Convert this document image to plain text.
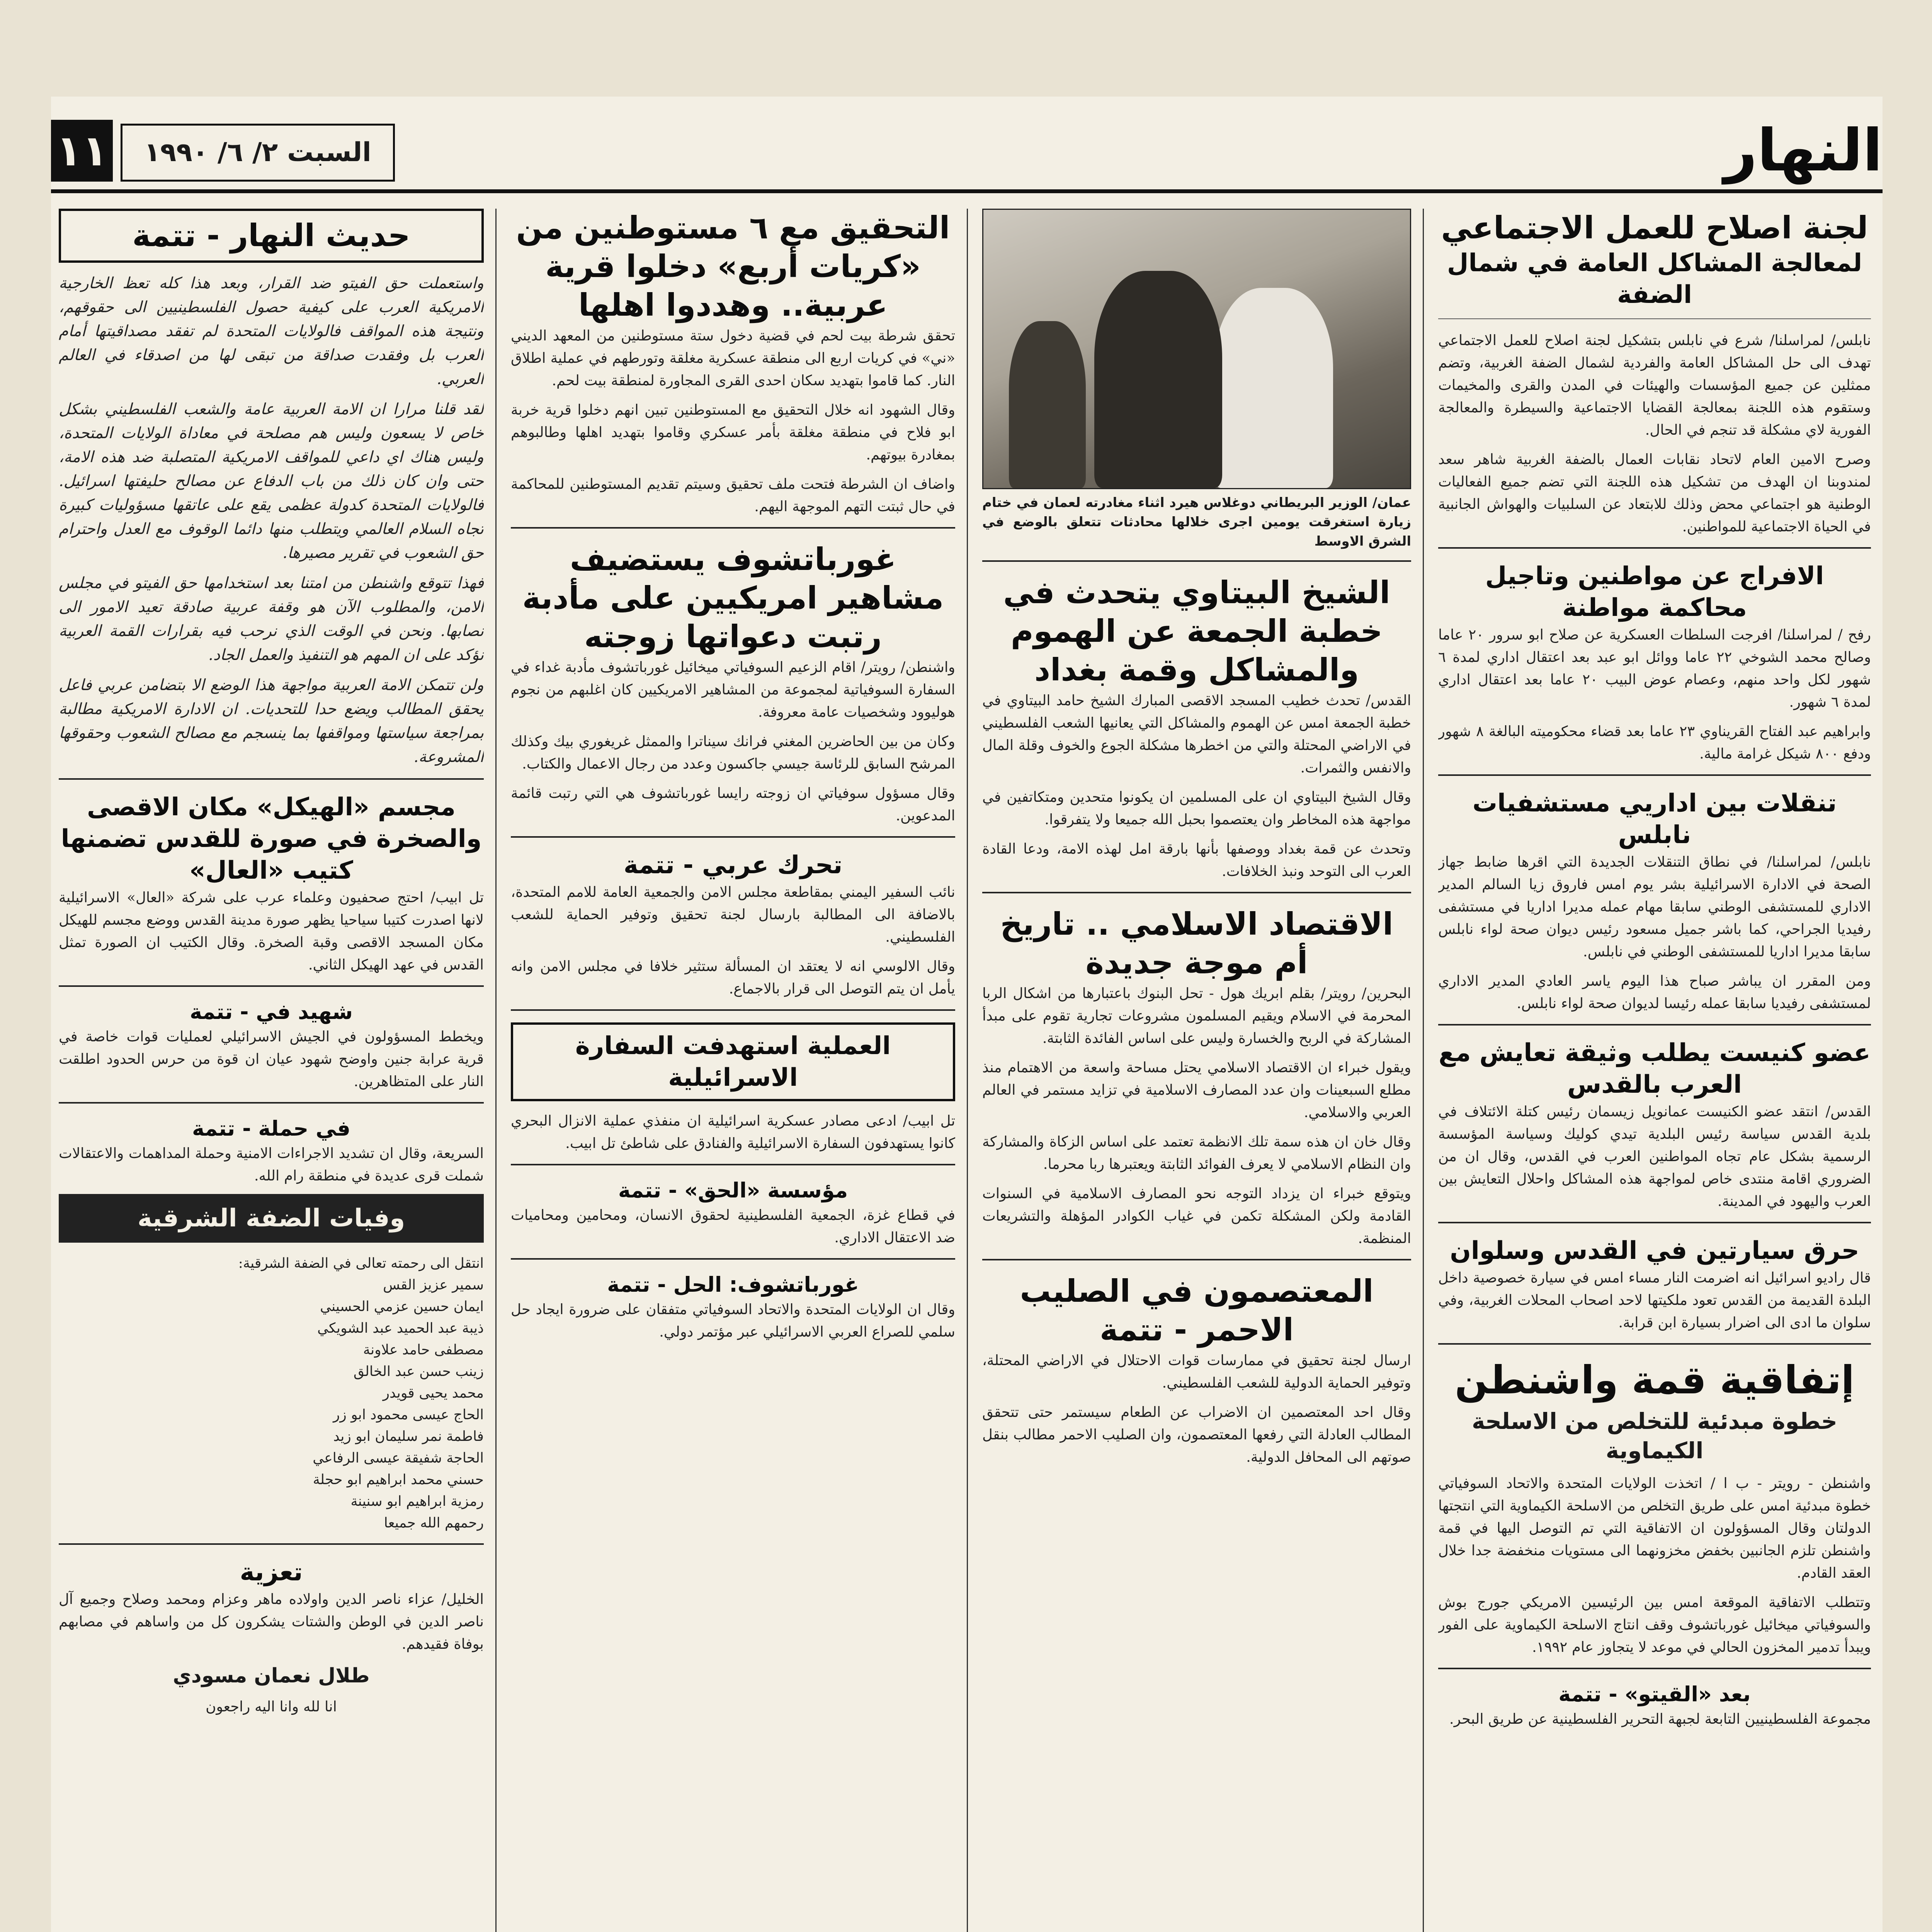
النهار
السبت ٢/ ٦/ ١٩٩٠
١١
لجنة اصلاح للعمل الاجتماعي
لمعالجة المشاكل العامة في شمال الضفة

نابلس/ لمراسلنا/ شرع في نابلس بتشكيل لجنة اصلاح للعمل الاجتماعي تهدف الى حل المشاكل العامة والفردية لشمال الضفة الغربية، وتضم ممثلين عن جميع المؤسسات والهيئات في المدن والقرى والمخيمات وستقوم هذه اللجنة بمعالجة القضايا الاجتماعية والسيطرة والمعالجة الفورية لاي مشكلة قد تنجم في الحال.

وصرح الامين العام لاتحاد نقابات العمال بالضفة الغربية شاهر سعد لمندوبنا ان الهدف من تشكيل هذه اللجنة التي تضم جميع الفعاليات الوطنية هو اجتماعي محض وذلك للابتعاد عن السلبيات والهواش الجانبية في الحياة الاجتماعية للمواطنين.

الافراج عن مواطنين وتاجيل محاكمة مواطنة

رفح / لمراسلنا/ افرجت السلطات العسكرية عن صلاح ابو سرور ٢٠ عاما وصالح محمد الشوخي ٢٢ عاما ووائل ابو عبد بعد اعتقال اداري لمدة ٦ شهور لكل واحد منهم، وعصام عوض البيب ٢٠ عاما بعد اعتقال اداري لمدة ٦ شهور.

وابراهيم عبد الفتاح القريناوي ٢٣ عاما بعد قضاء محكوميته البالغة ٨ شهور ودفع ٨٠٠ شيكل غرامة مالية.

تنقلات بين اداريي مستشفيات نابلس

نابلس/ لمراسلنا/ في نطاق التنقلات الجديدة التي اقرها ضابط جهاز الصحة في الادارة الاسرائيلية بشر يوم امس فاروق زيا السالم المدير الاداري للمستشفى الوطني سابقا مهام عمله مديرا اداريا في مستشفى رفيديا الجراحي، كما باشر جميل مسعود رئيس ديوان صحة لواء نابلس سابقا مديرا اداريا للمستشفى الوطني في نابلس.

ومن المقرر ان يباشر صباح هذا اليوم ياسر العادي المدير الاداري لمستشفى رفيديا سابقا عمله رئيسا لديوان صحة لواء نابلس.

عضو كنيست يطلب وثيقة تعايش مع العرب بالقدس

القدس/ انتقد عضو الكنيست عمانويل زيسمان رئيس كتلة الائتلاف في بلدية القدس سياسة رئيس البلدية تيدي كوليك وسياسة المؤسسة الرسمية بشكل عام تجاه المواطنين العرب في القدس، وقال ان من الضروري اقامة منتدى خاص لمواجهة هذه المشاكل واحلال التعايش بين العرب واليهود في المدينة.

حرق سيارتين في القدس وسلوان

قال راديو اسرائيل انه اضرمت النار مساء امس في سيارة خصوصية داخل البلدة القديمة من القدس تعود ملكيتها لاحد اصحاب المحلات الغربية، وفي سلوان ما ادى الى اضرار بسيارة ابن قرابة.

إتفاقية قمة واشنطن
خطوة مبدئية للتخلص من الاسلحة الكيماوية

واشنطن - رويتر - ب ا / اتخذت الولايات المتحدة والاتحاد السوفياتي خطوة مبدئية امس على طريق التخلص من الاسلحة الكيماوية التي انتجتها الدولتان وقال المسؤولون ان الاتفاقية التي تم التوصل اليها في قمة واشنطن تلزم الجانبين بخفض مخزونهما الى مستويات منخفضة جدا خلال العقد القادم.

وتتطلب الاتفاقية الموقعة امس بين الرئيسين الامريكي جورج بوش والسوفياتي ميخائيل غورباتشوف وقف انتاج الاسلحة الكيماوية على الفور ويبدأ تدمير المخزون الحالي في موعد لا يتجاوز عام ١٩٩٢.

بعد «القيتو» - تتمة

مجموعة الفلسطينيين التابعة لجبهة التحرير الفلسطينية عن طريق البحر.

عمان/ الوزير البريطاني دوغلاس هيرد اثناء مغادرته لعمان في ختام زيارة استغرقت يومين اجرى خلالها محادثات تتعلق بالوضع في الشرق الاوسط
الشيخ البيتاوي يتحدث في خطبة الجمعة عن الهموم والمشاكل وقمة بغداد

القدس/ تحدث خطيب المسجد الاقصى المبارك الشيخ حامد البيتاوي في خطبة الجمعة امس عن الهموم والمشاكل التي يعانيها الشعب الفلسطيني في الاراضي المحتلة والتي من اخطرها مشكلة الجوع والخوف وقلة المال والانفس والثمرات.

وقال الشيخ البيتاوي ان على المسلمين ان يكونوا متحدين ومتكاتفين في مواجهة هذه المخاطر وان يعتصموا بحبل الله جميعا ولا يتفرقوا.

وتحدث عن قمة بغداد ووصفها بأنها بارقة امل لهذه الامة، ودعا القادة العرب الى التوحد ونبذ الخلافات.

الاقتصاد الاسلامي .. تاريخ أم موجة جديدة

البحرين/ رويتر/ بقلم ابريك هول - تحل البنوك باعتبارها من اشكال الربا المحرمة في الاسلام ويقيم المسلمون مشروعات تجارية تقوم على مبدأ المشاركة في الربح والخسارة وليس على اساس الفائدة الثابتة.

ويقول خبراء ان الاقتصاد الاسلامي يحتل مساحة واسعة من الاهتمام منذ مطلع السبعينات وان عدد المصارف الاسلامية في تزايد مستمر في العالم العربي والاسلامي.

وقال خان ان هذه سمة تلك الانظمة تعتمد على اساس الزكاة والمشاركة وان النظام الاسلامي لا يعرف الفوائد الثابتة ويعتبرها ربا محرما.

ويتوقع خبراء ان يزداد التوجه نحو المصارف الاسلامية في السنوات القادمة ولكن المشكلة تكمن في غياب الكوادر المؤهلة والتشريعات المنظمة.

المعتصمون في الصليب الاحمر - تتمة

ارسال لجنة تحقيق في ممارسات قوات الاحتلال في الاراضي المحتلة، وتوفير الحماية الدولية للشعب الفلسطيني.

وقال احد المعتصمين ان الاضراب عن الطعام سيستمر حتى تتحقق المطالب العادلة التي رفعها المعتصمون، وان الصليب الاحمر مطالب بنقل صوتهم الى المحافل الدولية.

التحقيق مع ٦ مستوطنين من «كريات أربع» دخلوا قرية عربية.. وهددوا اهلها

تحقق شرطة بيت لحم في قضية دخول ستة مستوطنين من المعهد الديني «ني» في كريات اربع الى منطقة عسكرية مغلقة وتورطهم في عملية اطلاق النار. كما قاموا بتهديد سكان احدى القرى المجاورة لمنطقة بيت لحم.

وقال الشهود انه خلال التحقيق مع المستوطنين تبين انهم دخلوا قرية خربة ابو فلاح في منطقة مغلقة بأمر عسكري وقاموا بتهديد اهلها وطالبوهم بمغادرة بيوتهم.

واضاف ان الشرطة فتحت ملف تحقيق وسيتم تقديم المستوطنين للمحاكمة في حال ثبتت التهم الموجهة اليهم.

غورباتشوف يستضيف مشاهير امريكيين على مأدبة رتبت دعواتها زوجته

واشنطن/ رويتر/ اقام الزعيم السوفياتي ميخائيل غورباتشوف مأدبة غداء في السفارة السوفياتية لمجموعة من المشاهير الامريكيين كان اغلبهم من نجوم هوليوود وشخصيات عامة معروفة.

وكان من بين الحاضرين المغني فرانك سيناترا والممثل غريغوري بيك وكذلك المرشح السابق للرئاسة جيسي جاكسون وعدد من رجال الاعمال والكتاب.

وقال مسؤول سوفياتي ان زوجته رايسا غورباتشوف هي التي رتبت قائمة المدعوين.

تحرك عربي - تتمة

نائب السفير اليمني بمقاطعة مجلس الامن والجمعية العامة للامم المتحدة، بالاضافة الى المطالبة بارسال لجنة تحقيق وتوفير الحماية للشعب الفلسطيني.

وقال الالوسي انه لا يعتقد ان المسألة ستثير خلافا في مجلس الامن وانه يأمل ان يتم التوصل الى قرار بالاجماع.

العملية استهدفت السفارة الاسرائيلية

تل ابيب/ ادعى مصادر عسكرية اسرائيلية ان منفذي عملية الانزال البحري كانوا يستهدفون السفارة الاسرائيلية والفنادق على شاطئ تل ابيب.

مؤسسة «الحق» - تتمة

في قطاع غزة، الجمعية الفلسطينية لحقوق الانسان، ومحامين ومحاميات ضد الاعتقال الاداري.

غورباتشوف: الحل - تتمة

وقال ان الولايات المتحدة والاتحاد السوفياتي متفقان على ضرورة ايجاد حل سلمي للصراع العربي الاسرائيلي عبر مؤتمر دولي.

حديث النهار - تتمة

واستعملت حق الفيتو ضد القرار، وبعد هذا كله تعظ الخارجية الامريكية العرب على كيفية حصول الفلسطينيين الى حقوقهم، ونتيجة هذه المواقف فالولايات المتحدة لم تفقد مصداقيتها أمام العرب بل وفقدت صداقة من تبقى لها من اصدقاء في العالم العربي.

لقد قلنا مرارا ان الامة العربية عامة والشعب الفلسطيني بشكل خاص لا يسعون وليس هم مصلحة في معاداة الولايات المتحدة، وليس هناك اي داعي للمواقف الامريكية المتصلبة ضد هذه الامة، حتى وان كان ذلك من باب الدفاع عن مصالح حليفتها اسرائيل. فالولايات المتحدة كدولة عظمى يقع على عاتقها مسؤوليات كبيرة تجاه السلام العالمي ويتطلب منها دائما الوقوف مع العدل واحترام حق الشعوب في تقرير مصيرها.

فهذا تتوقع واشنطن من امتنا بعد استخدامها حق الفيتو في مجلس الامن، والمطلوب الآن هو وقفة عربية صادقة تعيد الامور الى نصابها. ونحن في الوقت الذي نرحب فيه بقرارات القمة العربية نؤكد على ان المهم هو التنفيذ والعمل الجاد.

ولن تتمكن الامة العربية مواجهة هذا الوضع الا بتضامن عربي فاعل يحقق المطالب ويضع حدا للتحديات. ان الادارة الامريكية مطالبة بمراجعة سياستها ومواقفها بما ينسجم مع مصالح الشعوب وحقوقها المشروعة.

مجسم «الهيكل» مكان الاقصى والصخرة في صورة للقدس تضمنها كتيب «العال»

تل ابيب/ احتج صحفيون وعلماء عرب على شركة «العال» الاسرائيلية لانها اصدرت كتيبا سياحيا يظهر صورة مدينة القدس ووضع مجسم للهيكل مكان المسجد الاقصى وقبة الصخرة. وقال الكتيب ان الصورة تمثل القدس في عهد الهيكل الثاني.

شهيد في - تتمة

ويخطط المسؤولون في الجيش الاسرائيلي لعمليات قوات خاصة في قرية عرابة جنين واوضح شهود عيان ان قوة من حرس الحدود اطلقت النار على المتظاهرين.

في حملة - تتمة

السريعة، وقال ان تشديد الاجراءات الامنية وحملة المداهمات والاعتقالات شملت قرى عديدة في منطقة رام الله.

وفيات الضفة الشرقية

انتقل الى رحمته تعالى في الضفة الشرقية:

سمير عزيز القس

ايمان حسين عزمي الحسيني

ذيبة عبد الحميد عبد الشويكي

مصطفى حامد علاونة

زينب حسن عبد الخالق

محمد يحيى قويدر

الحاج عيسى محمود ابو زر

فاطمة نمر سليمان ابو زيد

الحاجة شفيقة عيسى الرفاعي

حسني محمد ابراهيم ابو حجلة

رمزية ابراهيم ابو سنينة

رحمهم الله جميعا

تعزية

الخليل/ عزاء ناصر الدين واولاده ماهر وعزام ومحمد وصلاح وجميع آل ناصر الدين في الوطن والشتات يشكرون كل من واساهم في مصابهم بوفاة فقيدهم.

طلال نعمان مسودي

انا لله وانا اليه راجعون
